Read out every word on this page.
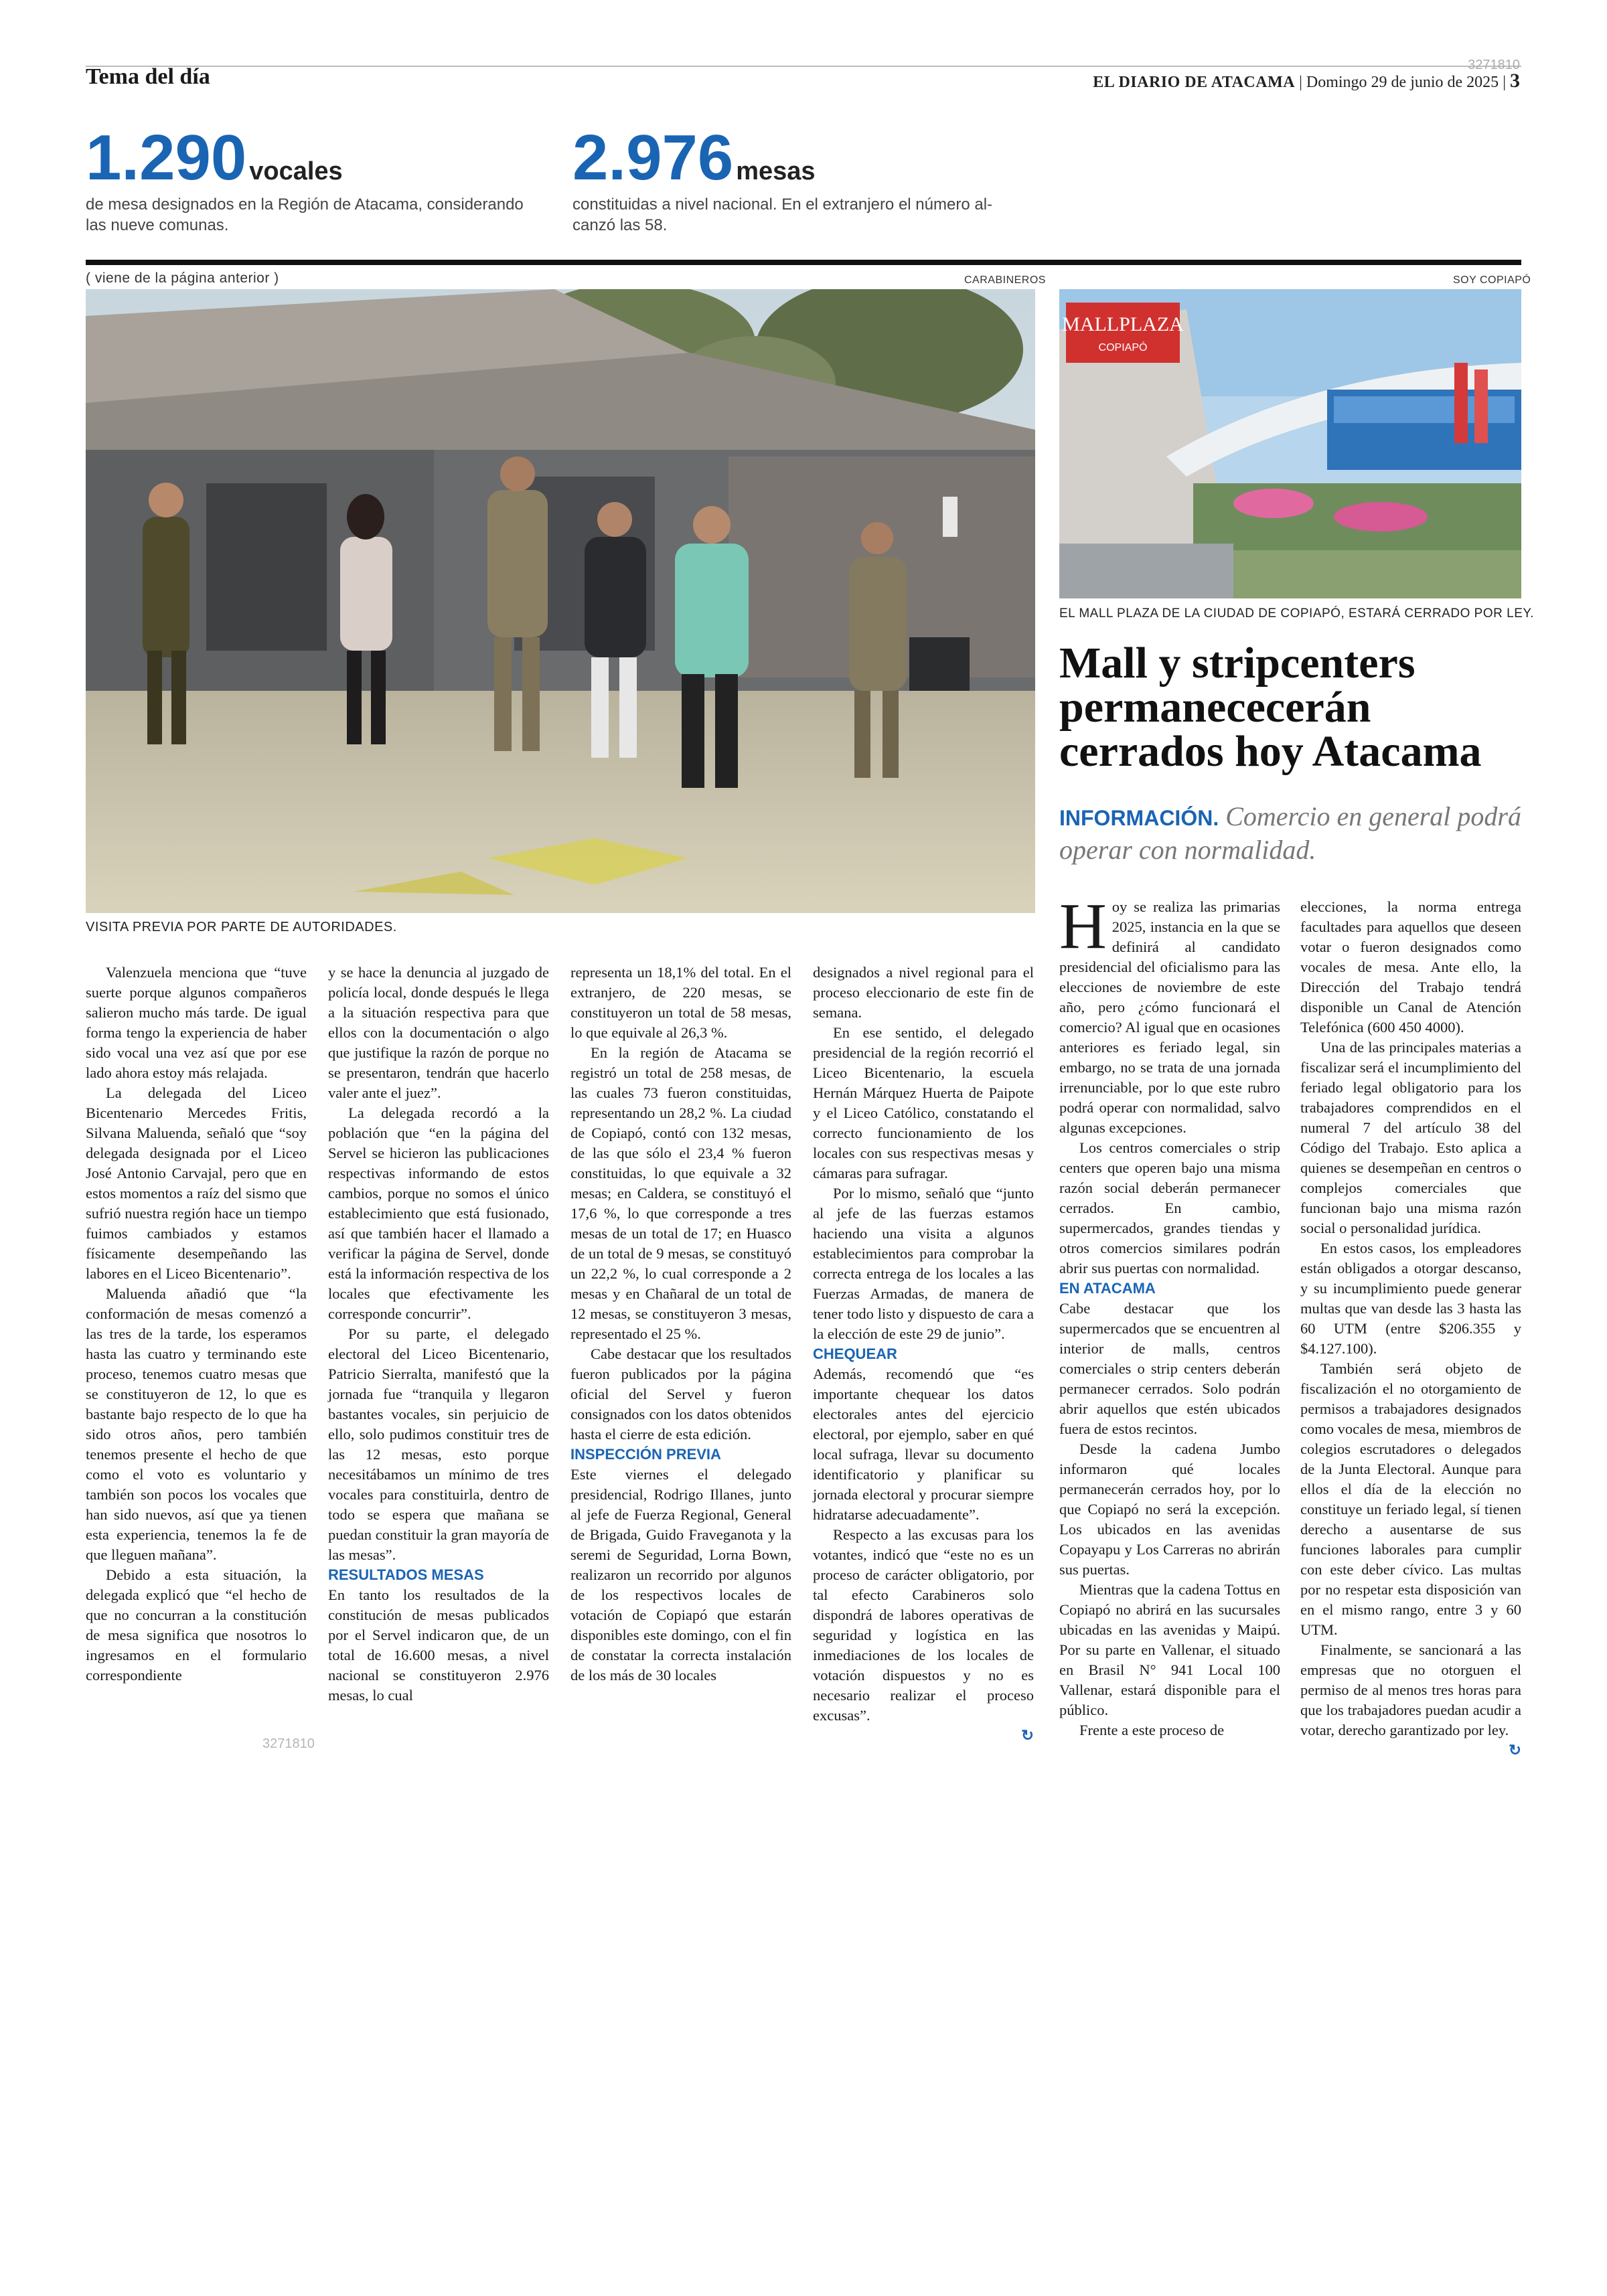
Tema del día	3271810
EL DIARIO DE ATACAMA | Domingo 29 de junio de 2025 | 3
1.290 vocales
de mesa designados en la Región de Atacama, considerando
las nueve comunas.
2.976 mesas
constituidas a nivel nacional. En el extranjero el número al-
canzó las 58.
( viene de la página anterior )	CARABINEROS	SOY COPIAPÓ
VISITA PREVIA POR PARTE DE AUTORIDADES.
MALLPLAZA
COPIAPÓ
EL MALL PLAZA DE LA CIUDAD DE COPIAPÓ, ESTARÁ CERRADO POR LEY.
Mall y stripcenters
permanececerán
cerrados hoy Atacama
INFORMACIÓN. Comercio en general podrá
operar con normalidad.

Valenzuela menciona que “tuve suerte porque algunos compañeros salieron mucho más tarde. De igual forma tengo la experiencia de haber sido vocal una vez así que por ese lado ahora estoy más relajada.

La delegada del Liceo Bicentenario Mercedes Fritis, Silvana Maluenda, señaló que “soy delegada designada por el Liceo José Antonio Carvajal, pero que en estos momentos a raíz del sismo que sufrió nuestra región hace un tiempo fuimos cambiados y estamos físicamente desempeñando las labores en el Liceo Bicentenario”.

Maluenda añadió que “la conformación de mesas comenzó a las tres de la tarde, los esperamos hasta las cuatro y terminando este proceso, tenemos cuatro mesas que se constituyeron de 12, lo que es bastante bajo respecto de lo que ha sido otros años, pero también tenemos presente el hecho de que como el voto es voluntario y también son pocos los vocales que han sido nuevos, así que ya tienen esta experiencia, tenemos la fe de que lleguen mañana”.

Debido a esta situación, la delegada explicó que “el hecho de que no concurran a la constitución de mesa significa que nosotros lo ingresamos en el formulario correspondiente

y se hace la denuncia al juzgado de policía local, donde después le llega a la situación respectiva para que ellos con la documentación o algo que justifique la razón de porque no se presentaron, tendrán que hacerlo valer ante el juez”.

La delegada recordó a la población que “en la página del Servel se hicieron las publicaciones respectivas informando de estos cambios, porque no somos el único establecimiento que está fusionado, así que también hacer el llamado a verificar la página de Servel, donde está la información respectiva de los locales que efectivamente les corresponde concurrir”.

Por su parte, el delegado electoral del Liceo Bicentenario, Patricio Sierralta, manifestó que la jornada fue “tranquila y llegaron bastantes vocales, sin perjuicio de ello, solo pudimos constituir tres de las 12 mesas, esto porque necesitábamos un mínimo de tres vocales para constituirla, dentro de todo se espera que mañana se puedan constituir la gran mayoría de las mesas”.

RESULTADOS MESAS

En tanto los resultados de la constitución de mesas publicados por el Servel indicaron que, de un total de 16.600 mesas, a nivel nacional se constituyeron 2.976 mesas, lo cual

representa un 18,1% del total. En el extranjero, de 220 mesas, se constituyeron un total de 58 mesas, lo que equivale al 26,3 %.

En la región de Atacama se registró un total de 258 mesas, de las cuales 73 fueron constituidas, representando un 28,2 %. La ciudad de Copiapó, contó con 132 mesas, de las que sólo el 23,4 % fueron constituidas, lo que equivale a 32 mesas; en Caldera, se constituyó el 17,6 %, lo que corresponde a tres mesas de un total de 17; en Huasco de un total de 9 mesas, se constituyó un 22,2 %, lo cual corresponde a 2 mesas y en Chañaral de un total de 12 mesas, se constituyeron 3 mesas, representado el 25 %.

Cabe destacar que los resultados fueron publicados por la página oficial del Servel y fueron consignados con los datos obtenidos hasta el cierre de esta edición.

INSPECCIÓN PREVIA

Este viernes el delegado presidencial, Rodrigo Illanes, junto al jefe de Fuerza Regional, General de Brigada, Guido Fraveganota y la seremi de Seguridad, Lorna Bown, realizaron un recorrido por algunos de los respectivos locales de votación de Copiapó que estarán disponibles este domingo, con el fin de constatar la correcta instalación de los más de 30 locales

designados a nivel regional para el proceso eleccionario de este fin de semana.

En ese sentido, el delegado presidencial de la región recorrió el Liceo Bicentenario, la escuela Hernán Márquez Huerta de Paipote y el Liceo Católico, constatando el correcto funcionamiento de los locales con sus respectivas mesas y cámaras para sufragar.

Por lo mismo, señaló que “junto al jefe de las fuerzas estamos haciendo una visita a algunos establecimientos para comprobar la correcta entrega de los locales a las Fuerzas Armadas, de manera de tener todo listo y dispuesto de cara a la elección de este 29 de junio”.

CHEQUEAR

Además, recomendó que “es importante chequear los datos electorales antes del ejercicio electoral, por ejemplo, saber en qué local sufraga, llevar su documento identificatorio y planificar su jornada electoral y procurar siempre hidratarse adecuadamente”.

Respecto a las excusas para los votantes, indicó que “este no es un proceso de carácter obligatorio, por tal efecto Carabineros solo dispondrá de labores operativas de seguridad y logística en las inmediaciones de los locales de votación dispuestos y no es necesario realizar el proceso excusas”.

↻

Hoy se realiza las primarias 2025, instancia en la que se definirá al candidato presidencial del oficialismo para las elecciones de noviembre de este año, pero ¿cómo funcionará el comercio? Al igual que en ocasiones anteriores es feriado legal, sin embargo, no se trata de una jornada irrenunciable, por lo que este rubro podrá operar con normalidad, salvo algunas excepciones.

Los centros comerciales o strip centers que operen bajo una misma razón social deberán permanecer cerrados. En cambio, supermercados, grandes tiendas y otros comercios similares podrán abrir sus puertas con normalidad.

EN ATACAMA

Cabe destacar que los supermercados que se encuentren al interior de malls, centros comerciales o strip centers deberán permanecer cerrados. Solo podrán abrir aquellos que estén ubicados fuera de estos recintos.

Desde la cadena Jumbo informaron qué locales permanecerán cerrados hoy, por lo que Copiapó no será la excepción. Los ubicados en las avenidas Copayapu y Los Carreras no abrirán sus puertas.

Mientras que la cadena Tottus en Copiapó no abrirá en las sucursales ubicadas en las avenidas y Maipú. Por su parte en Vallenar, el situado en Brasil N° 941 Local 100 Vallenar, estará disponible para el público.

Frente a este proceso de

elecciones, la norma entrega facultades para aquellos que deseen votar o fueron designados como vocales de mesa. Ante ello, la Dirección del Trabajo tendrá disponible un Canal de Atención Telefónica (600 450 4000).

Una de las principales materias a fiscalizar será el incumplimiento del feriado legal obligatorio para los trabajadores comprendidos en el numeral 7 del artículo 38 del Código del Trabajo. Esto aplica a quienes se desempeñan en centros o complejos comerciales que funcionan bajo una misma razón social o personalidad jurídica.

En estos casos, los empleadores están obligados a otorgar descanso, y su incumplimiento puede generar multas que van desde las 3 hasta las 60 UTM (entre $206.355 y $4.127.100).

También será objeto de fiscalización el no otorgamiento de permisos a trabajadores designados como vocales de mesa, miembros de colegios escrutadores o delegados de la Junta Electoral. Aunque para ellos el día de la elección no constituye un feriado legal, sí tienen derecho a ausentarse de sus funciones laborales para cumplir con este deber cívico. Las multas por no respetar esta disposición van en el mismo rango, entre 3 y 60 UTM.

Finalmente, se sancionará a las empresas que no otorguen el permiso de al menos tres horas para que los trabajadores puedan acudir a votar, derecho garantizado por ley.

↻

3271810
